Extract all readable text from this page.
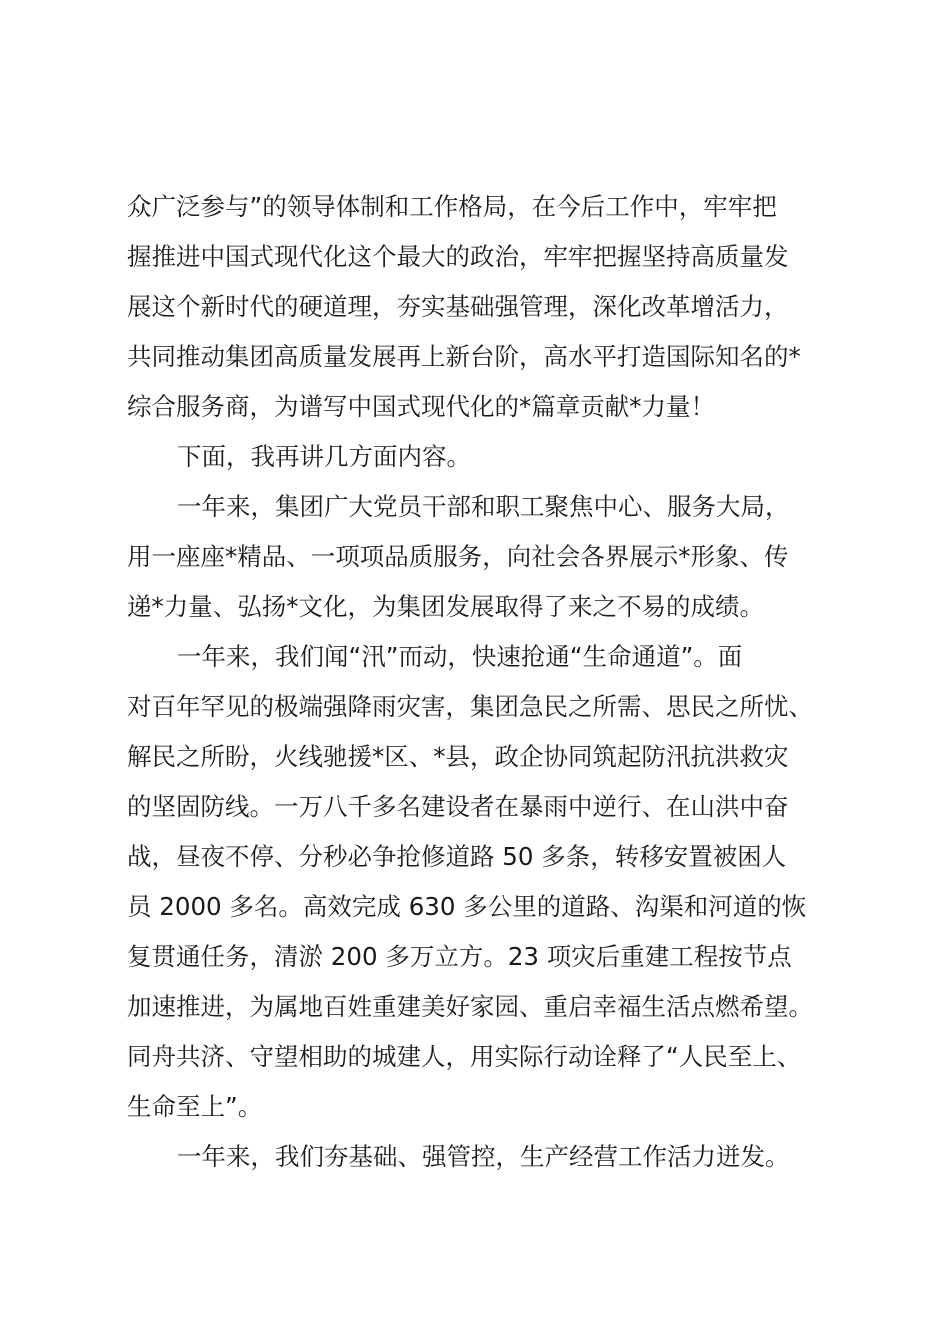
众广泛参与”的领导体制和工作格局，在今后工作中，牢牢把
握推进中国式现代化这个最大的政治，牢牢把握坚持高质量发
展这个新时代的硬道理，夯实基础强管理，深化改革增活力，
共同推动集团高质量发展再上新台阶，高水平打造国际知名的*
综合服务商，为谱写中国式现代化的*篇章贡献*力量！
下面，我再讲几方面内容。
一年来，集团广大党员干部和职工聚焦中心、服务大局，
用一座座*精品、一项项品质服务，向社会各界展示*形象、传
递*力量、弘扬*文化，为集团发展取得了来之不易的成绩。
一年来，我们闻“汛”而动，快速抢通“生命通道”。面
对百年罕见的极端强降雨灾害，集团急民之所需、思民之所忧、
解民之所盼，火线驰援*区、*县，政企协同筑起防汛抗洪救灾
的坚固防线。一万八千多名建设者在暴雨中逆行、在山洪中奋
战，昼夜不停、分秒必争抢修道路 50 多条，转移安置被困人
员 2000 多名。高效完成 630 多公里的道路、沟渠和河道的恢
复贯通任务，清淤 200 多万立方。23 项灾后重建工程按节点
加速推进，为属地百姓重建美好家园、重启幸福生活点燃希望。
同舟共济、守望相助的城建人，用实际行动诠释了“人民至上、
生命至上”。
一年来，我们夯基础、强管控，生产经营工作活力迸发。
